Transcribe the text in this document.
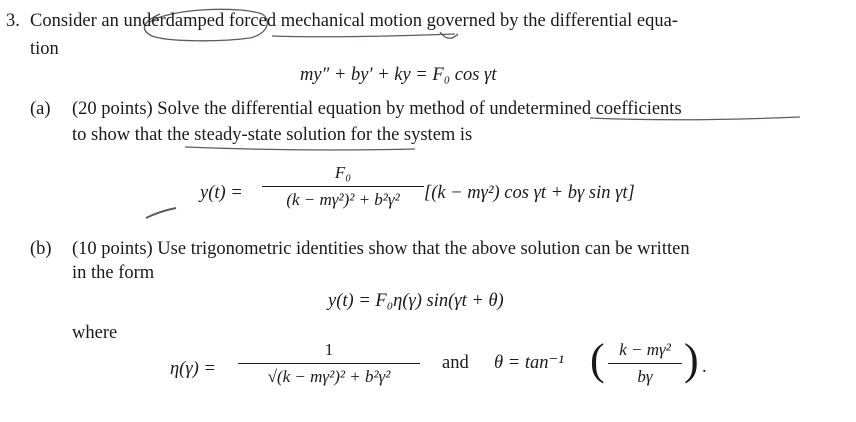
3. Consider an underdamped forced mechanical motion governed by the differential equa-
tion
my″ + by′ + ky = F₀ cos γt
(a) (20 points) Solve the differential equation by method of undetermined coefficients
to show that the steady-state solution for the system is
y(t) =
F₀
(k − mγ²)² + b²γ²	[(k − mγ²) cos γt + bγ sin γt]
(b) (10 points) Use trigonometric identities show that the above solution can be written
in the form
y(t) = F₀η(γ) sin(γt + θ)
where
η(γ) =
1
√(k − mγ²)² + b²γ²
and θ = tan⁻¹ ( k − mγ²
bγ ) .
